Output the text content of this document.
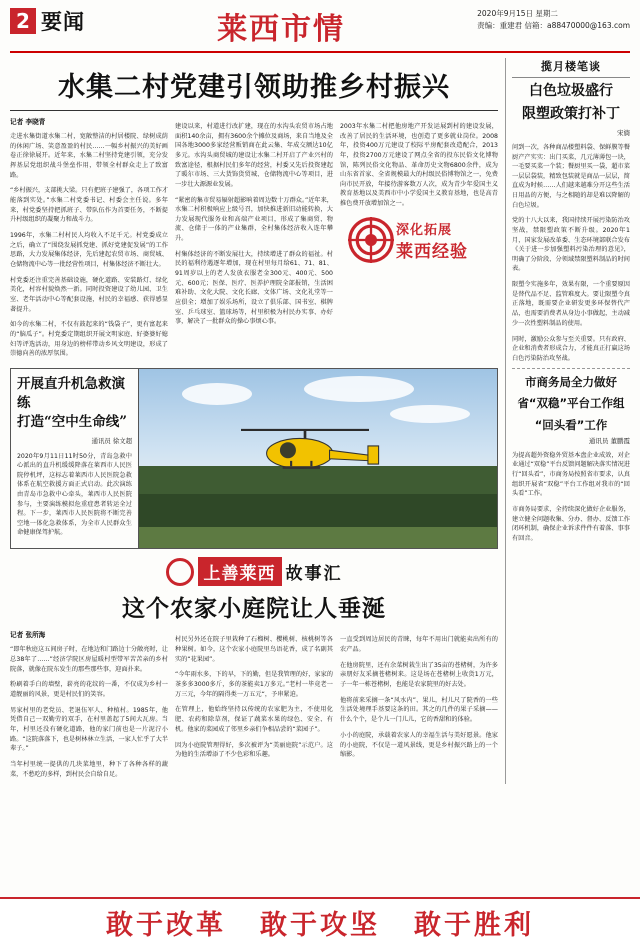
2 要闻	莱西市情	2020年9月15日 星期二
责编：重建君 信箱：a88470000@163.com
水集二村党建引领助推乡村振兴
记者 李晓青

走进水集街道水集二村，宽敞整洁的村居楼院、绿树成荫的休闲广场、笑意盈盈的村民……一幅乡村振兴的美好画卷正徐徐展开。近年来，水集二村坚持党建引领，充分发挥基层党组织战斗堡垒作用，带领全村群众走上了致富路。

“乡村振兴，支部挑大梁。只有把班子建强了，各项工作才能落到实处。”水集二村党委书记、村委会主任说。多年来，村党委坚持把抓班子、带队伍作为首要任务，不断提升村级组织的凝聚力和战斗力。

1996年，水集二村村民人均收入不足千元。村党委成立之后，确立了“围绕发展抓党建、抓好党建促发展”的工作思路，大力发展集体经济，先后建起农贸市场、商贸城、仓储物流中心等一批经营性项目，村集体经济不断壮大。

村党委还注重完善基础设施，硬化道路、安装路灯、绿化美化，村容村貌焕然一新。同时投资建设了幼儿园、卫生室、老年活动中心等配套设施，村民的幸福感、获得感显著提升。

如今的水集二村，不仅有鼓起来的“钱袋子”，更有富起来的“脑瓜子”。村党委定期组织开展文明家庭、好婆婆好媳妇等评选活动，用身边的榜样带动乡风文明建设，形成了崇德向善的浓厚氛围。

建设以来，村道进行改扩建，现在的水沟头农贸市场占地面积140余亩，拥有3600余个摊位及商场，来自当地及全国各地3000多家经营贩销商在此云集、年成交额达10亿多元。水沟头商贸城的建设让水集二村开启了产业兴村的致富途径，根据村民们多年的经营，村委又先后投资建起了暖尔市场、三大货饰货贸城、仓储物流中心等项目，进一步壮大源源业发展。

“紧密的集市贸易辐射超影响着周边数十万群众。”近年来，水集二村积极响应上级号召，加快推进新旧动能转换，大力发展现代服务业和高端产业项目，形成了集商贸、物流、仓储于一体的产业集群，全村集体经济收入连年攀升。

村集体经济的不断发展壮大，持续增进了群众的福祉。村民的福利待遇逐年增加，现在村里每月给61、71、81、91周岁以上的老人发放衣服老金300元、400元、500元、600元；医保、医疗、医养护理院全部报销，生活困难补助、文化大院、文化长廊、文体广场、文化礼堂等一应俱全；增加了娱乐场所，设立了俱乐部、国书室、棋牌室、乒乓球室、篮球场等，村里积极为村民办实事、办好事，解决了一批群众的操心事烦心事。

2003年水集二村把他房地产开发运展到村的建设发展，改善了居民的生活环境，也创造了更多就业岗位。2008年，投资400万元建设了校际平房配套改造配合，2013年，投资2700万元建设了网点全省的投东民俗文化博物馆，陈列民俗文化物品、革命历史文物6800余件，成为山东省首家、全省规模最大的村级民俗博物馆之一，免费向市民开放，年接待游客数万人次，成为青少年爱国主义教育基地以及美西市中小学爱国主义教育基地，也是高青推色费开放增加馆之一。

深化拓展
莱西经验
开展直升机急救演练
打造“空中生命线”
通讯员 徐文超

2020年9月11日11时50分，青岛急救中心派出的直升机缓缓降落在莱西市人民医院停机坪，这标志着莱西市人民医院急救体系在航空救援方面正式启动。此次演练由青岛市急救中心牵头，莱西市人民医院参与，主要演练模拟危重症患者转运全过程。下一步，莱西市人民医院将不断完善空地一体化急救体系，为全市人民群众生命健康保驾护航。

上善莱西 故事汇
这个农家小庭院让人垂涎
记者 张所海

“即年秋庭这五间房子时，在地边和门路边十分敞亮时，让总38年了……”经济学院区房屋暖村型带军苦苦亲的乡村院落，就像在院东发生的那些那些事，迎面扑来。

粉刷着手白的墙壁，崭亮的花纹的一番，不仅成为乡村一道靓丽的风景，更是村民们的笑容。

男家村里的老党员、老退伍军人、种植村。1985年，他凭借自己一双勤劳的双手，在村里盖起了5间大瓦房。当年，村里还没有硬化道路，他的家门前也是一片泥泞小路。“这院落落下，也是树林林立生活，一家人忙乎了大半辈子。”

当年村里统一提供的几块菜地里，种下了各种各样的蔬菜，不愁吃的多样，到村民会自给自足。

村民另外还在院子里栽种了石榴树、樱桃树、核桃树等各种果树。如今，这个农家小庭院里鸟语花香，成了名副其实的“花果园”。

“今年雨水多，下的早，下的勤，但是我管理的好，家家的茶多多3000多斤，多的茶能卖1万多元。”老村一毕竟老一万三元，今年的隔得类一万五元“，予串紧迫。

在管理上，他始终坚持以传统的农家肥为主，不使用化肥、农药和除草剂，保证了蔬菜水果的绿色、安全、有机。他家的菜园成了邻里乡亲们争相品尝的“菜园子”。

因为小庭院管理得好，多次被评为“美丽庭院”示范户。这为他的生活增添了不少色彩和乐趣。

一直受到周边居民的青睐，每年不用出门就能卖出所有的农产品。

在他房院里，还有余菜树栽生出了35亩的苍楮树，为许多亲朋好友采摘苍楮树来。这是场在苍楮树上收货1万元，子一年一栋苍楮树，也能是农家院里的好去处。

他将前来采摘一条“风水内”、果儿，村儿尺了院香的一些生活处境理手基要这条的田。其之的几件的果子采摘——什么个个，是个儿一门儿儿，它的香甜和的体验。

小小的庭院，承载着农家人的幸福生活与美好愿景。他家的小庭院，不仅是一道风景线，更是乡村振兴路上的一个缩影。

揽月楼笔谈
白色垃圾盛行
限塑政策打补丁
宋旖

问到一次，各种商品楼塑料袋、保鲜膜等餐厨产产实实：出门买菜，几元薄薄包一块，一毛要买菜一个装；餐厨里买一袋，超市菜一层层袋装，精致包装就是商品一层层，简直成为时候……人们越来越难分开这些生活日用品的方便，与之相随的却是难以降解的白色垃圾。

党的十八大以来，我国持续开展污染防治攻坚战，禁限塑政策不断升级。2020年1月，国家发展改革委、生态环境部联合发布《关于进一步加强塑料污染治理的意见》，明确了分阶段、分领域禁限塑料制品的时间表。

限塑令实施多年，效果有限，一个重要原因是替代品不足、监管难度大。要让限塑令真正落地，既需要企业研发更多环保替代产品，也需要消费者从身边小事做起，主动减少一次性塑料制品的使用。

同时，激励公众参与至关重要。只有政府、企业和消费者形成合力，才能真正打赢这场白色污染防治攻坚战。

市商务局全力做好
省“双稳”平台工作组
“回头看”工作
通讯员 董鹏霞

为提高超外资稳外贸基本盘企业成效，对企业通过“双稳”平台反馈问题解决落实情况进行“回头看”，市商务局按照省市要求，认真组织开展省“双稳”平台工作组对我市的“回头看”工作。

市商务局要求，全持续深化做好企业服务，建立健全问题收集、分办、督办、反馈工作闭环机制，确保企业诉求件件有着落、事事有回音。

敢于改革 敢于攻坚 敢于胜利
